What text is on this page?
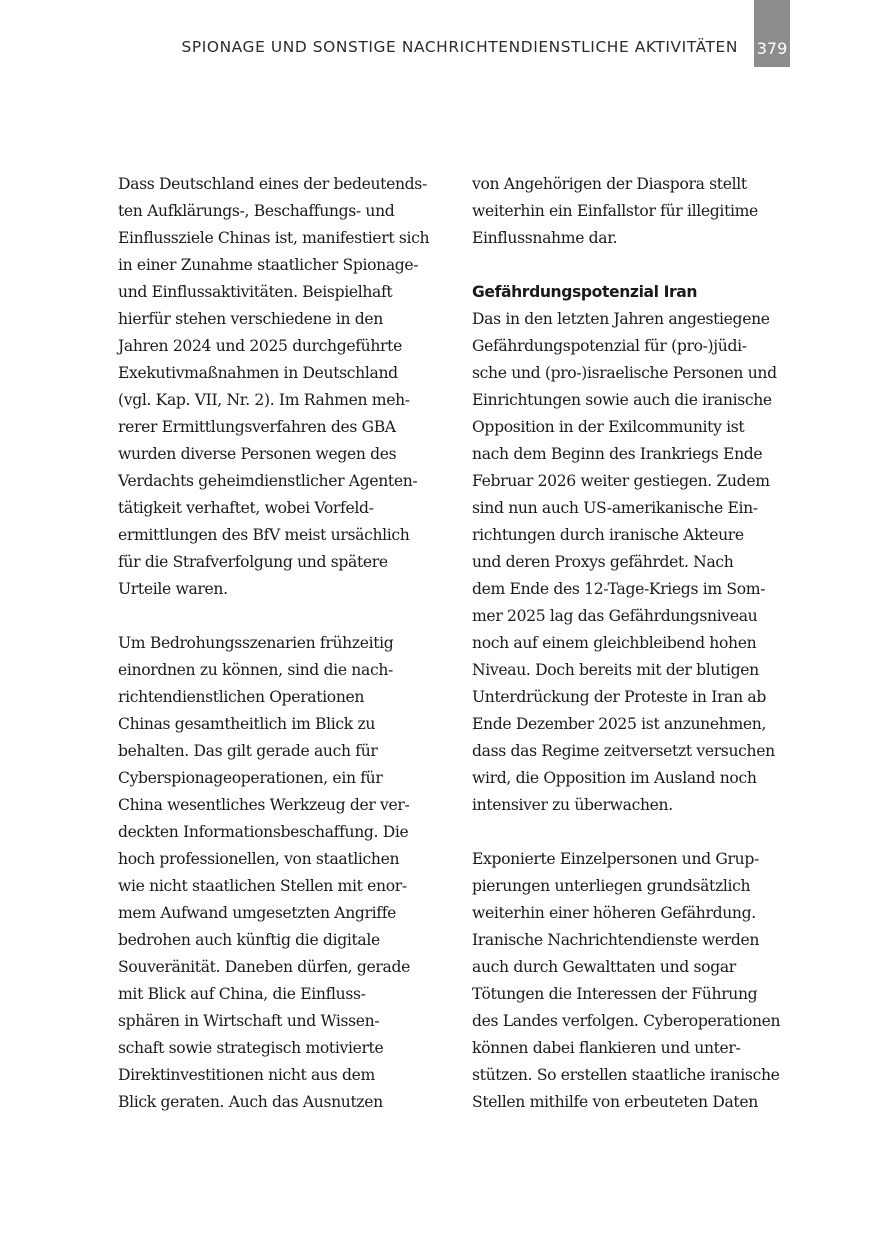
SPIONAGE UND SONSTIGE NACHRICHTENDIENSTLICHE AKTIVITÄTEN 379
Dass Deutschland eines der bedeutends-
ten Aufklärungs-, Beschaffungs- und
Einflussziele Chinas ist, manifestiert sich
in einer Zunahme staatlicher Spionage-
und Einflussaktivitäten. Beispielhaft
hierfür stehen verschiedene in den
Jahren 2024 und 2025 durchgeführte
Exekutivmaßnahmen in Deutschland
(vgl. Kap. VII, Nr. 2). Im Rahmen meh-
rerer Ermittlungsverfahren des GBA
wurden diverse Personen wegen des
Verdachts geheimdienstlicher Agenten-
tätigkeit verhaftet, wobei Vorfeld-
ermittlungen des BfV meist ursächlich
für die Strafverfolgung und spätere
Urteile waren.
Um Bedrohungsszenarien frühzeitig
einordnen zu können, sind die nach-
richtendienstlichen Operationen
Chinas gesamtheitlich im Blick zu
behalten. Das gilt gerade auch für
Cyberspionageoperationen, ein für
China wesentliches Werkzeug der ver-
deckten Informationsbeschaffung. Die
hoch professionellen, von staatlichen
wie nicht staatlichen Stellen mit enor-
mem Aufwand umgesetzten Angriffe
bedrohen auch künftig die digitale
Souveränität. Daneben dürfen, gerade
mit Blick auf China, die Einfluss-
sphären in Wirtschaft und Wissen-
schaft sowie strategisch motivierte
Direktinvestitionen nicht aus dem
Blick geraten. Auch das Ausnutzen
von Angehörigen der Diaspora stellt
weiterhin ein Einfallstor für illegitime
Einflussnahme dar.
Gefährdungspotenzial Iran
Das in den letzten Jahren angestiegene
Gefährdungspotenzial für (pro-)jüdi-
sche und (pro-)israelische Personen und
Einrichtungen sowie auch die iranische
Opposition in der Exilcommunity ist
nach dem Beginn des Irankriegs Ende
Februar 2026 weiter gestiegen. Zudem
sind nun auch US-amerikanische Ein-
richtungen durch iranische Akteure
und deren Proxys gefährdet. Nach
dem Ende des 12-Tage-Kriegs im Som-
mer 2025 lag das Gefährdungsniveau
noch auf einem gleichbleibend hohen
Niveau. Doch bereits mit der blutigen
Unterdrückung der Proteste in Iran ab
Ende Dezember 2025 ist anzunehmen,
dass das Regime zeitversetzt versuchen
wird, die Opposition im Ausland noch
intensiver zu überwachen.
Exponierte Einzelpersonen und Grup-
pierungen unterliegen grundsätzlich
weiterhin einer höheren Gefährdung.
Iranische Nachrichtendienste werden
auch durch Gewalttaten und sogar
Tötungen die Interessen der Führung
des Landes verfolgen. Cyberoperationen
können dabei flankieren und unter-
stützen. So erstellen staatliche iranische
Stellen mithilfe von erbeuteten Daten
